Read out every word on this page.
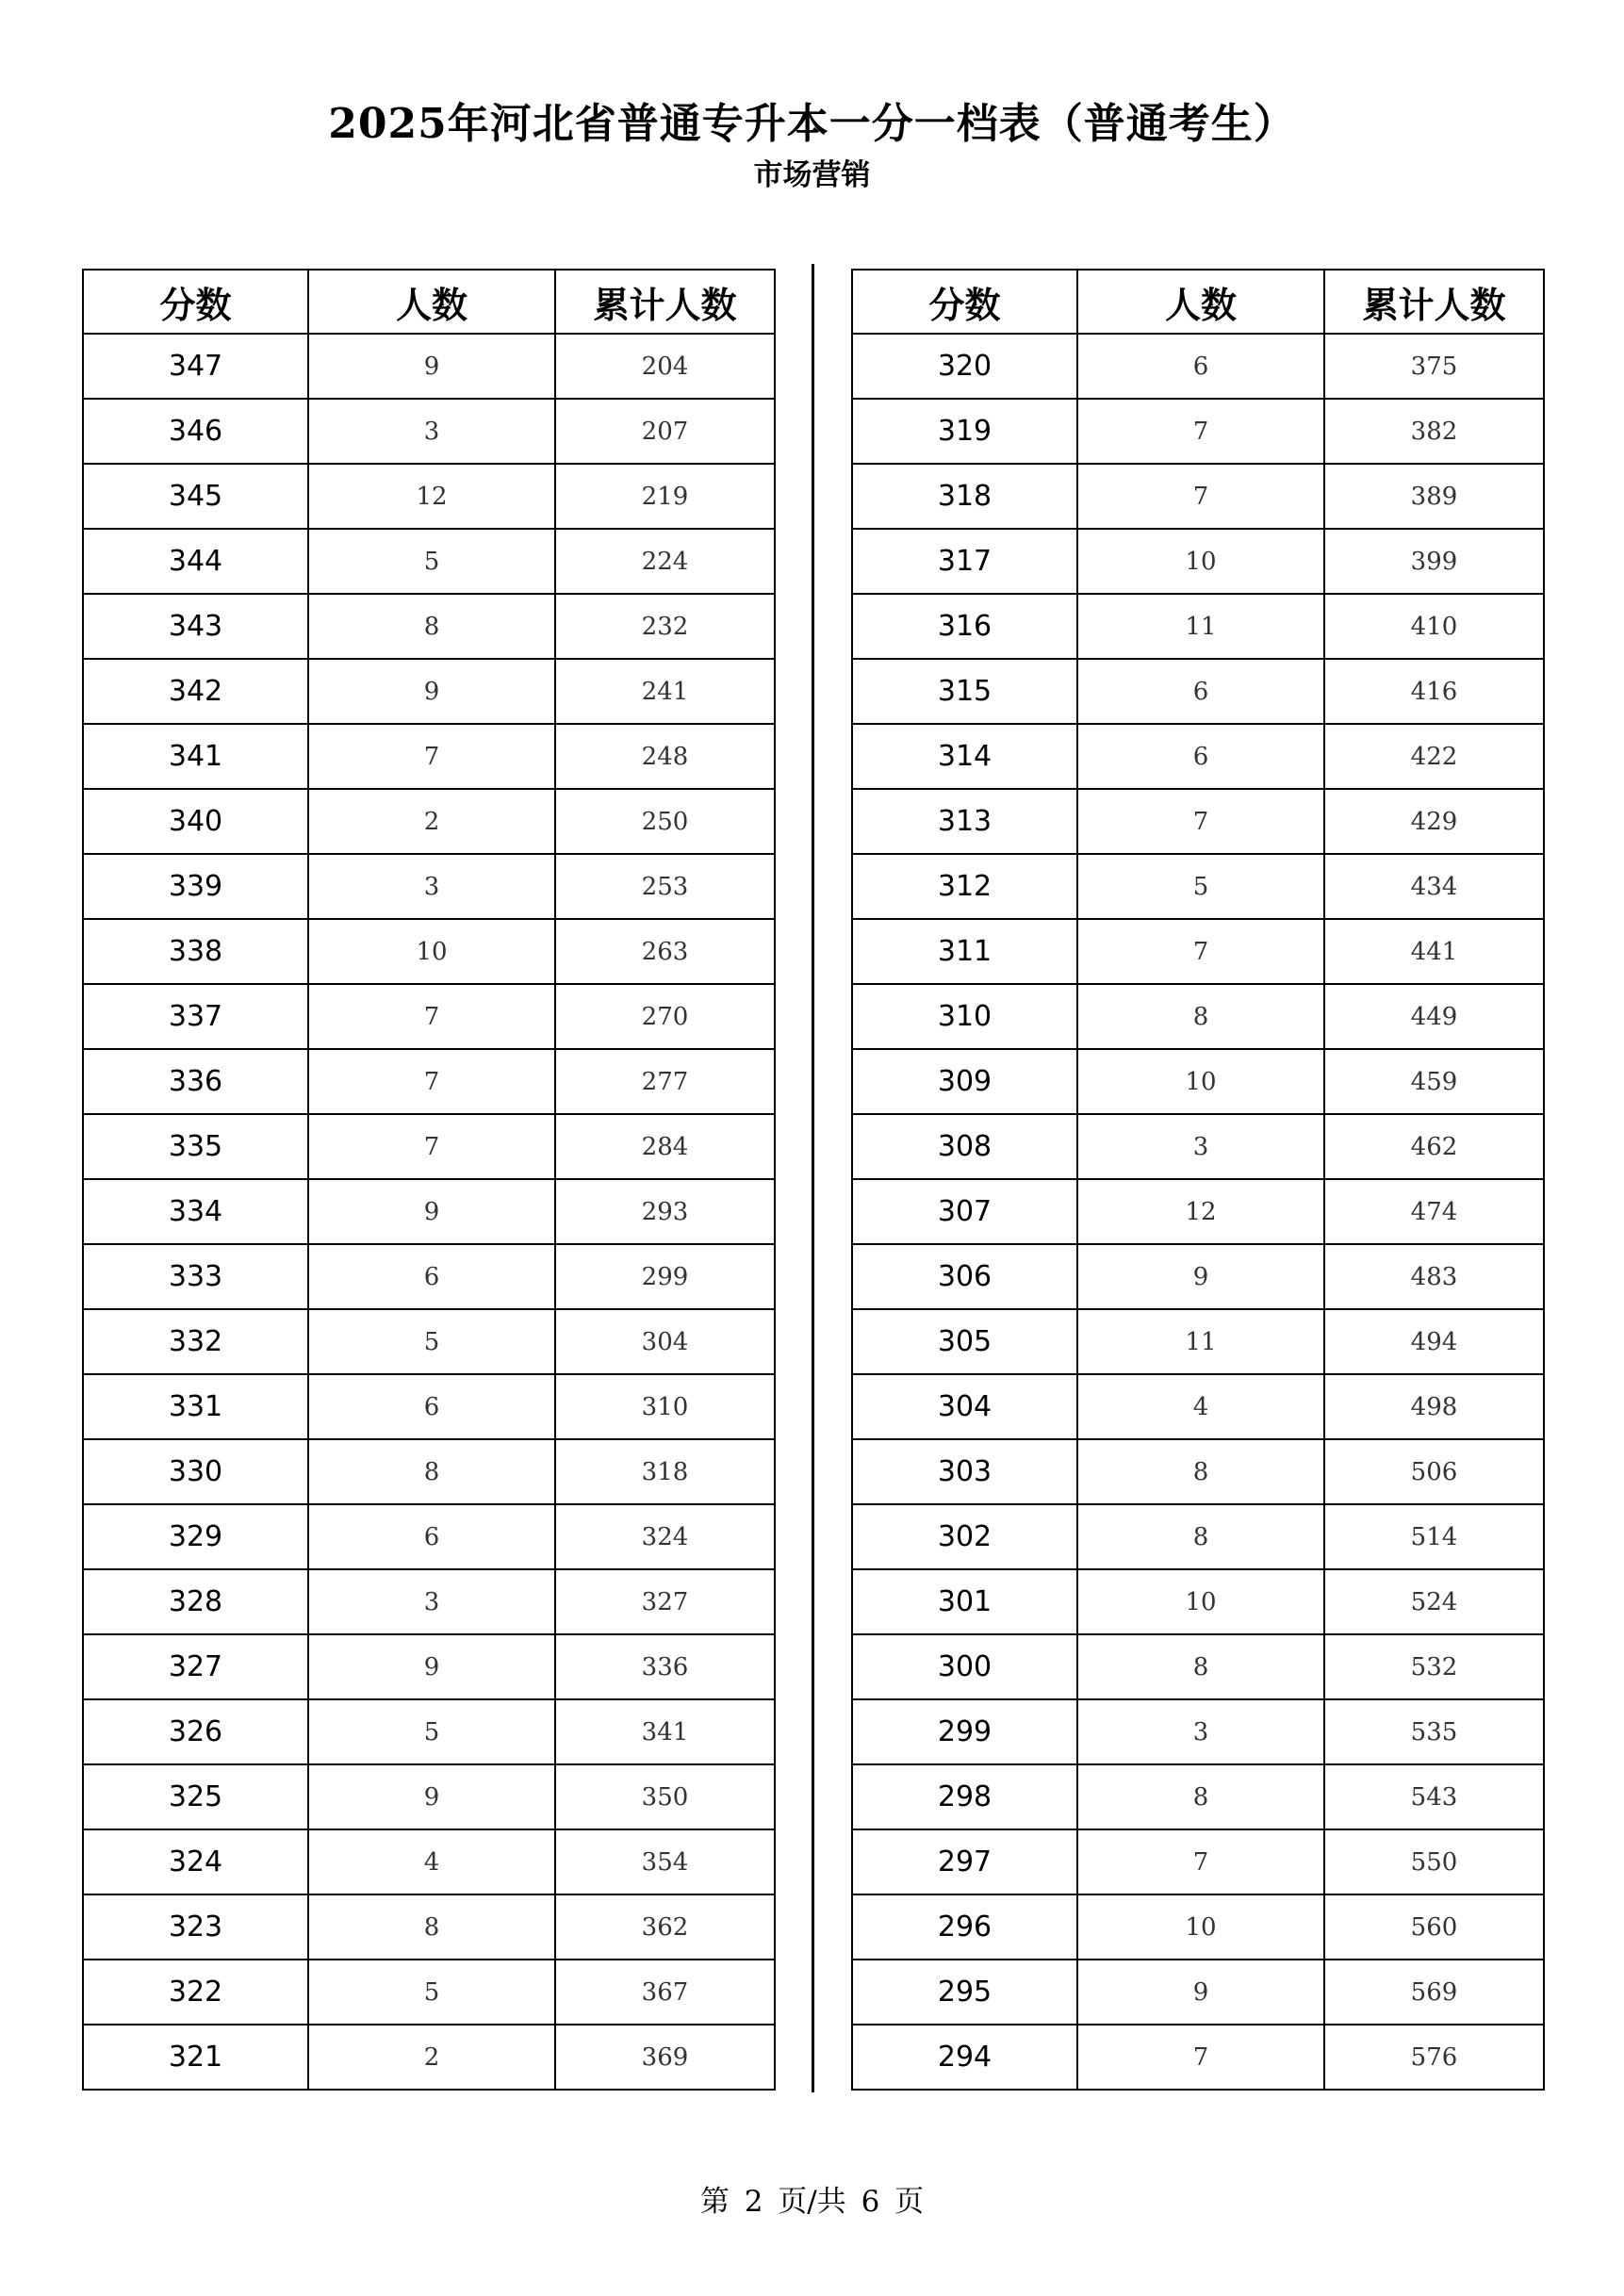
2025年河北省普通专升本一分一档表（普通考生）
市场营销
分数	人数	累计人数
347	9	204
346	3	207
345	12	219
344	5	224
343	8	232
342	9	241
341	7	248
340	2	250
339	3	253
338	10	263
337	7	270
336	7	277
335	7	284
334	9	293
333	6	299
332	5	304
331	6	310
330	8	318
329	6	324
328	3	327
327	9	336
326	5	341
325	9	350
324	4	354
323	8	362
322	5	367
321	2	369
分数	人数	累计人数
320	6	375
319	7	382
318	7	389
317	10	399
316	11	410
315	6	416
314	6	422
313	7	429
312	5	434
311	7	441
310	8	449
309	10	459
308	3	462
307	12	474
306	9	483
305	11	494
304	4	498
303	8	506
302	8	514
301	10	524
300	8	532
299	3	535
298	8	543
297	7	550
296	10	560
295	9	569
294	7	576
第 2 页/共 6 页
